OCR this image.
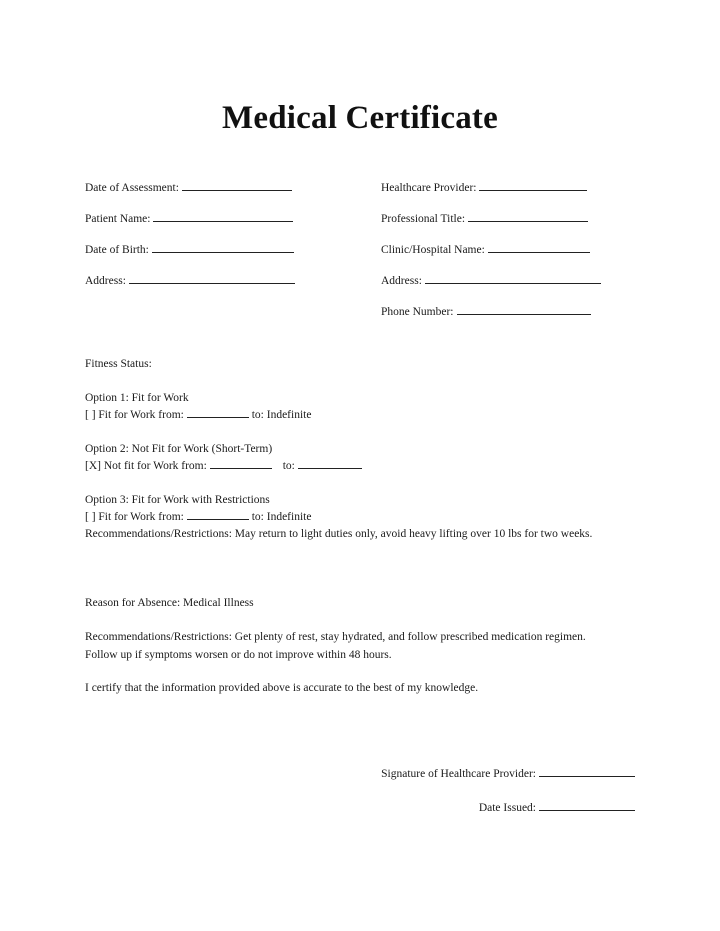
Medical Certificate
Date of Assessment:
Patient Name:
Date of Birth:
Address:
Healthcare Provider:
Professional Title:
Clinic/Hospital Name:
Address:
Phone Number:
Fitness Status:
Option 1: Fit for Work
[ ] Fit for Work from:	to: Indefinite
Option 2: Not Fit for Work (Short-Term)
[X] Not fit for Work from:	to:
Option 3: Fit for Work with Restrictions
[ ] Fit for Work from:	to: Indefinite
Recommendations/Restrictions: May return to light duties only, avoid heavy lifting over 10 lbs for two weeks.
Reason for Absence: Medical Illness
Recommendations/Restrictions: Get plenty of rest, stay hydrated, and follow prescribed medication regimen. Follow up if symptoms worsen or do not improve within 48 hours.
I certify that the information provided above is accurate to the best of my knowledge.
Signature of Healthcare Provider:
Date Issued:
